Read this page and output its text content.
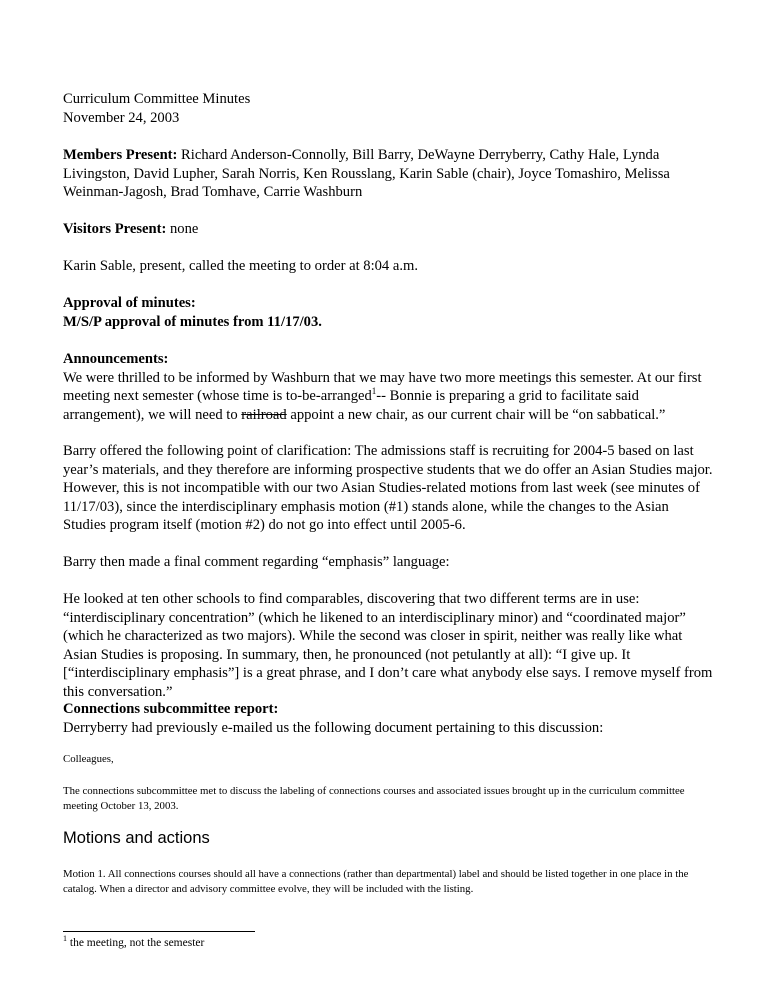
Curriculum Committee Minutes
November 24, 2003
Members Present: Richard Anderson-Connolly, Bill Barry, DeWayne Derryberry, Cathy Hale, Lynda Livingston, David Lupher, Sarah Norris, Ken Rousslang, Karin Sable (chair), Joyce Tomashiro, Melissa Weinman-Jagosh, Brad Tomhave, Carrie Washburn
Visitors Present: none
Karin Sable, present, called the meeting to order at 8:04 a.m.
Approval of minutes:
M/S/P approval of minutes from 11/17/03.
Announcements:
We were thrilled to be informed by Washburn that we may have two more meetings this semester. At our first meeting next semester (whose time is to-be-arranged$^1$-- Bonnie is preparing a grid to facilitate said arrangement), we will need to railroad appoint a new chair, as our current chair will be “on sabbatical.”
Barry offered the following point of clarification: The admissions staff is recruiting for 2004-5 based on last year’s materials, and they therefore are informing prospective students that we do offer an Asian Studies major. However, this is not incompatible with our two Asian Studies-related motions from last week (see minutes of 11/17/03), since the interdisciplinary emphasis motion (#1) stands alone, while the changes to the Asian Studies program itself (motion #2) do not go into effect until 2005-6.
Barry then made a final comment regarding “emphasis” language:
He looked at ten other schools to find comparables, discovering that two different terms are in use: “interdisciplinary concentration” (which he likened to an interdisciplinary minor) and “coordinated major” (which he characterized as two majors). While the second was closer in spirit, neither was really like what Asian Studies is proposing. In summary, then, he pronounced (not petulantly at all): “I give up. It [“interdisciplinary emphasis”] is a great phrase, and I don’t care what anybody else says. I remove myself from this conversation.”
Connections subcommittee report:
Derryberry had previously e-mailed us the following document pertaining to this discussion:
Colleagues,
The connections subcommittee met to discuss the labeling of connections courses and associated issues brought up in the curriculum committee meeting October 13, 2003.
Motions and actions
Motion 1. All connections courses should all have a connections (rather than departmental) label and should be listed together in one place in the catalog. When a director and advisory committee evolve, they will be included with the listing.
$^1$ the meeting, not the semester
